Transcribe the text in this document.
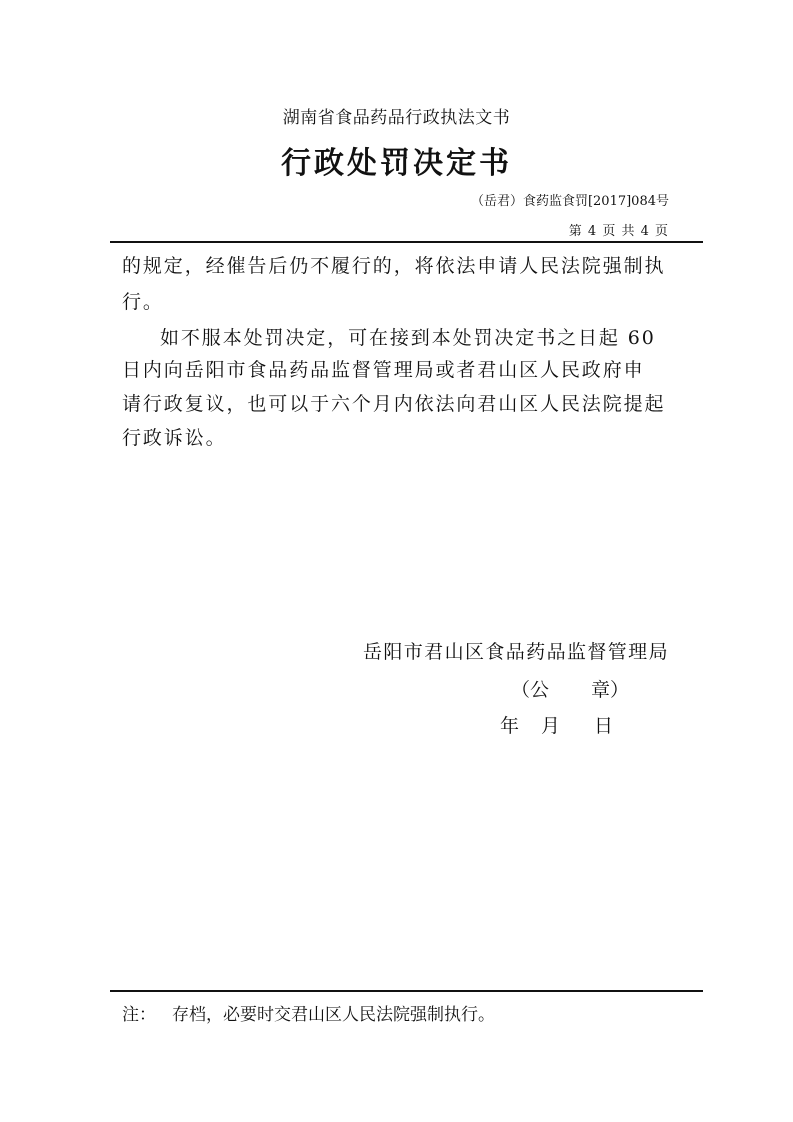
湖南省食品药品行政执法文书
行政处罚决定书
（岳君）食药监食罚[2017]084号
第 4 页 共 4 页
的规定，经催告后仍不履行的，将依法申请人民法院强制执
行。
如不服本处罚决定，可在接到本处罚决定书之日起 60
日内向岳阳市食品药品监督管理局或者君山区人民政府申
请行政复议，也可以于六个月内依法向君山区人民法院提起
行政诉讼。
岳阳市君山区食品药品监督管理局
（公 章）
年 月 日
注： 存档，必要时交君山区人民法院强制执行。
